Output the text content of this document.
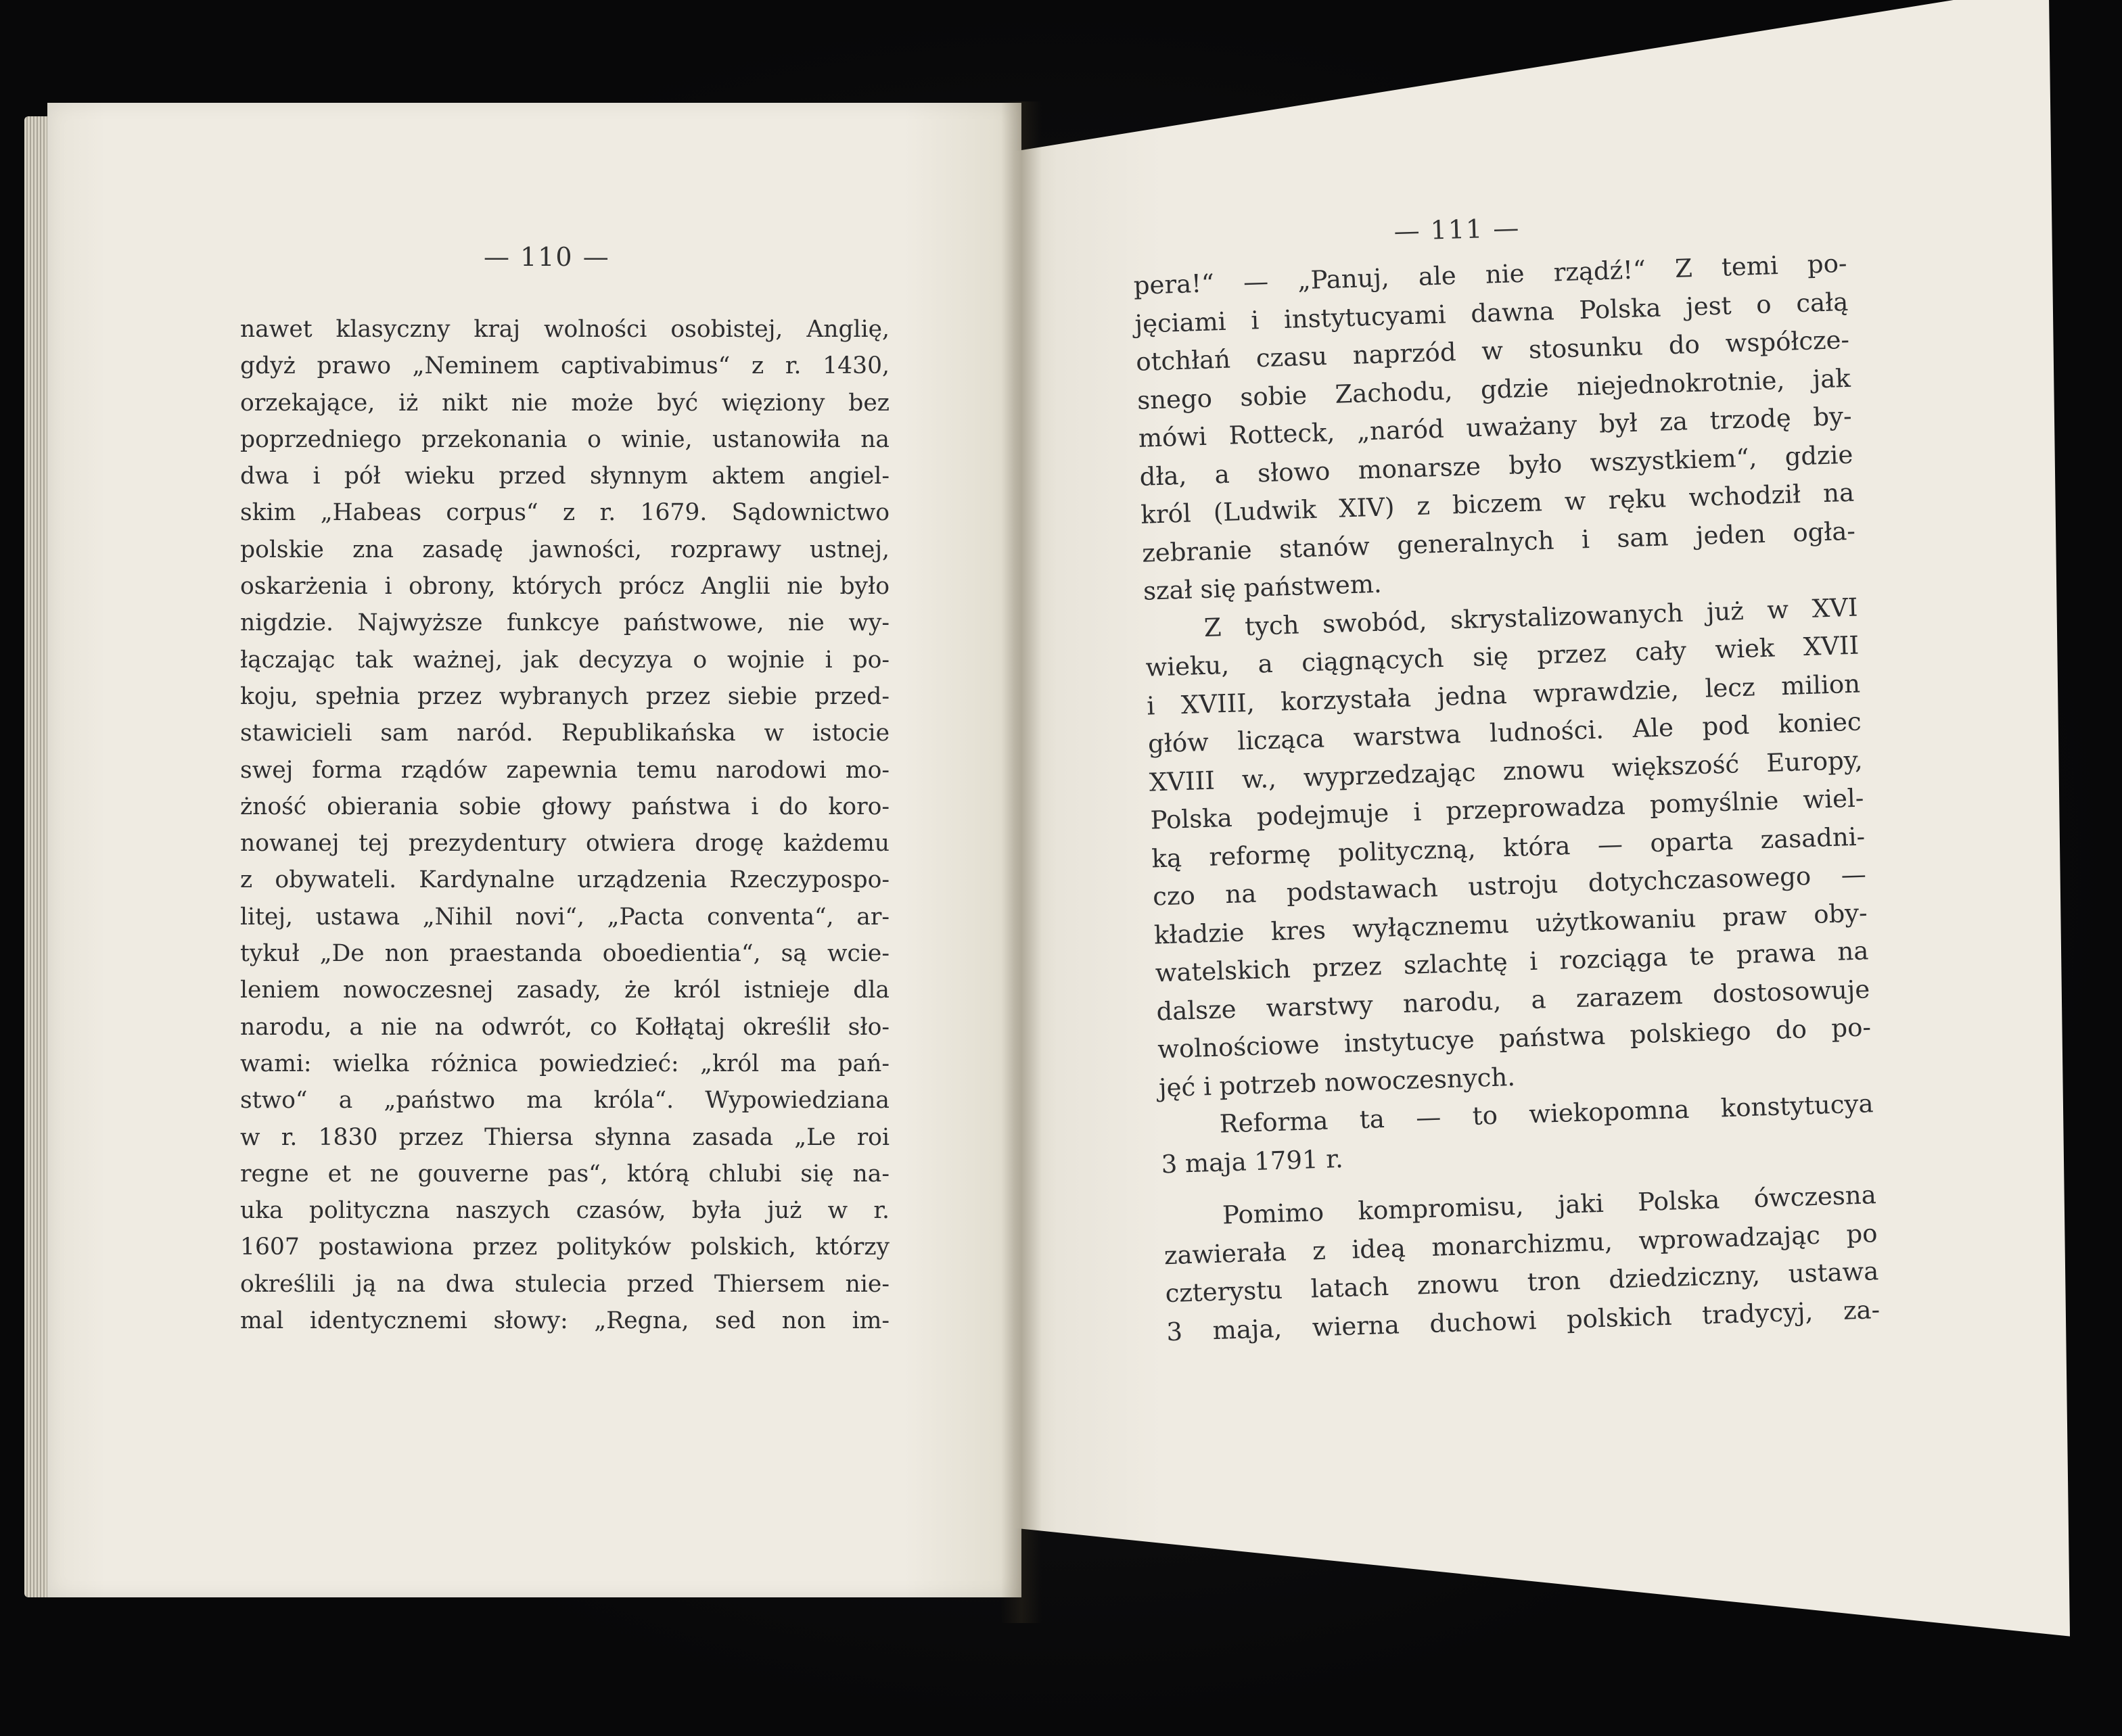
— 110 —
— 111 —
nawet klasyczny kraj wolności osobistej, Anglię,
gdyż prawo „Neminem captivabimus“ z r. 1430,
orzekające, iż nikt nie może być więziony bez
poprzedniego przekonania o winie, ustanowiła na
dwa i pół wieku przed słynnym aktem angiel-
skim „Habeas corpus“ z r. 1679. Sądownictwo
polskie zna zasadę jawności, rozprawy ustnej,
oskarżenia i obrony, których prócz Anglii nie było
nigdzie. Najwyższe funkcye państwowe, nie wy-
łączając tak ważnej, jak decyzya o wojnie i po-
koju, spełnia przez wybranych przez siebie przed-
stawicieli sam naród. Republikańska w istocie
swej forma rządów zapewnia temu narodowi mo-
żność obierania sobie głowy państwa i do koro-
nowanej tej prezydentury otwiera drogę każdemu
z obywateli. Kardynalne urządzenia Rzeczypospo-
litej, ustawa „Nihil novi“, „Pacta conventa“, ar-
tykuł „De non praestanda oboedientia“, są wcie-
leniem nowoczesnej zasady, że król istnieje dla
narodu, a nie na odwrót, co Kołłątaj określił sło-
wami: wielka różnica powiedzieć: „król ma pań-
stwo“ a „państwo ma króla“. Wypowiedziana
w r. 1830 przez Thiersa słynna zasada „Le roi
regne et ne gouverne pas“, którą chlubi się na-
uka polityczna naszych czasów, była już w r.
1607 postawiona przez polityków polskich, którzy
określili ją na dwa stulecia przed Thiersem nie-
mal identycznemi słowy: „Regna, sed non im-
pera!“ — „Panuj, ale nie rządź!“ Z temi po-
jęciami i instytucyami dawna Polska jest o całą
otchłań czasu naprzód w stosunku do współcze-
snego sobie Zachodu, gdzie niejednokrotnie, jak
mówi Rotteck, „naród uważany był za trzodę by-
dła, a słowo monarsze było wszystkiem“, gdzie
król (Ludwik XIV) z biczem w ręku wchodził na
zebranie stanów generalnych i sam jeden ogła-
szał się państwem.
Z tych swobód, skrystalizowanych już w XVI
wieku, a ciągnących się przez cały wiek XVII
i XVIII, korzystała jedna wprawdzie, lecz milion
głów licząca warstwa ludności. Ale pod koniec
XVIII w., wyprzedzając znowu większość Europy,
Polska podejmuje i przeprowadza pomyślnie wiel-
ką reformę polityczną, która — oparta zasadni-
czo na podstawach ustroju dotychczasowego —
kładzie kres wyłącznemu użytkowaniu praw oby-
watelskich przez szlachtę i rozciąga te prawa na
dalsze warstwy narodu, a zarazem dostosowuje
wolnościowe instytucye państwa polskiego do po-
jęć i potrzeb nowoczesnych.
Reforma ta — to wiekopomna konstytucya
3 maja 1791 r.
Pomimo kompromisu, jaki Polska ówczesna
zawierała z ideą monarchizmu, wprowadzając po
czterystu latach znowu tron dziedziczny, ustawa
3 maja, wierna duchowi polskich tradycyj, za-
